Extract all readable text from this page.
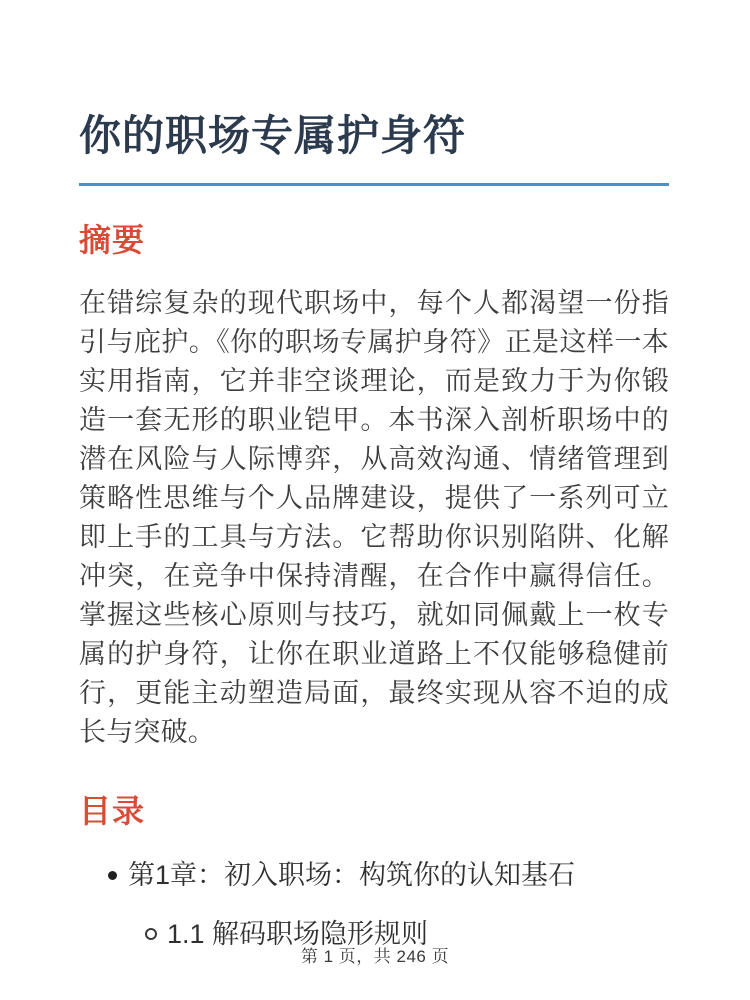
你的职场专属护身符
摘要

在错综复杂的现代职场中，每个人都渴望一份指引与庇护。《你的职场专属护身符》正是这样一本实用指南，它并非空谈理论，而是致力于为你锻造一套无形的职业铠甲。本书深入剖析职场中的潜在风险与人际博弈，从高效沟通、情绪管理到策略性思维与个人品牌建设，提供了一系列可立即上手的工具与方法。它帮助你识别陷阱、化解冲突，在竞争中保持清醒，在合作中赢得信任。掌握这些核心原则与技巧，就如同佩戴上一枚专属的护身符，让你在职业道路上不仅能够稳健前行，更能主动塑造局面，最终实现从容不迫的成长与突破。

目录
第1章：初入职场：构筑你的认知基石
1.1 解码职场隐形规则
第 1 页，共 246 页
